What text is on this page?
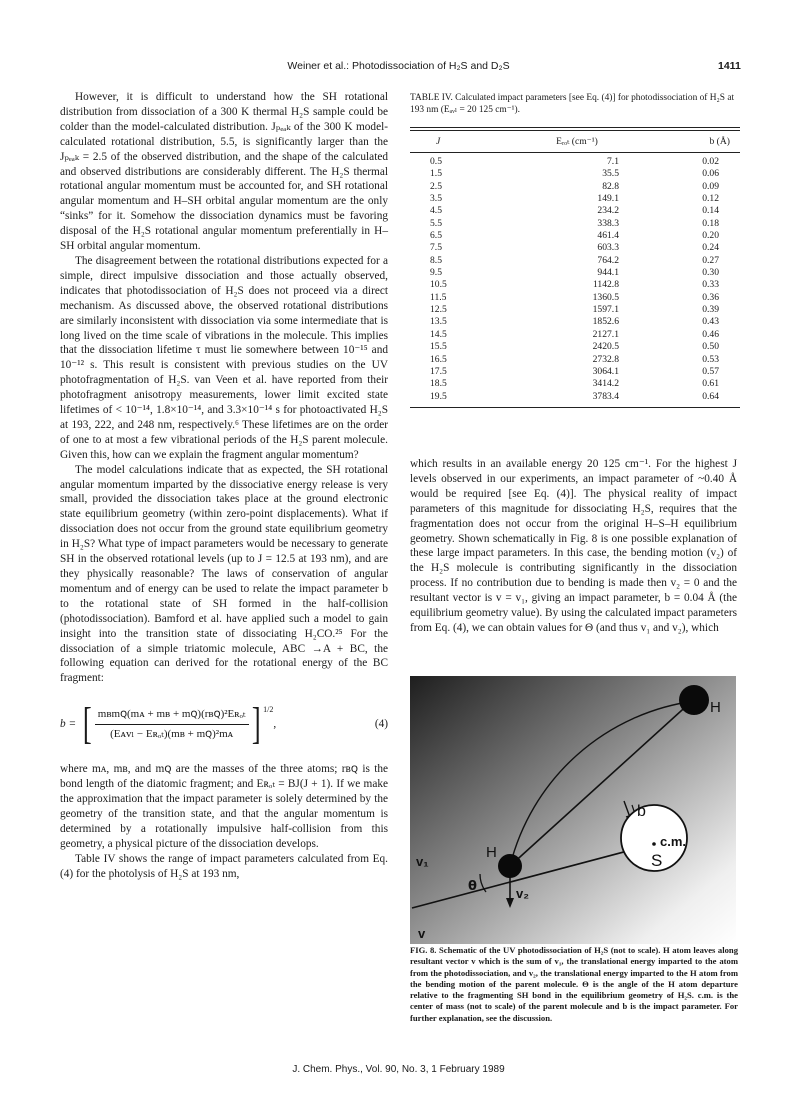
Weiner et al.: Photodissociation of H₂S and D₂S	1411

However, it is difficult to understand how the SH rotational distribution from dissociation of a 300 K thermal H₂S sample could be colder than the model-calculated distribution. Jₚₑₐₖ of the 300 K model-calculated rotational distribution, 5.5, is significantly larger than the Jₚₑₐₖ = 2.5 of the observed distribution, and the shape of the calculated and observed distributions are considerably different. The H₂S thermal rotational angular momentum must be accounted for, and SH rotational angular momentum and H–SH orbital angular momentum are the only “sinks” for it. Somehow the dissociation dynamics must be favoring disposal of the H₂S rotational angular momentum preferentially in H–SH orbital angular momentum.

The disagreement between the rotational distributions expected for a simple, direct impulsive dissociation and those actually observed, indicates that photodissociation of H₂S does not proceed via a direct mechanism. As discussed above, the observed rotational distributions are similarly inconsistent with dissociation via some intermediate that is long lived on the time scale of vibrations in the molecule. This implies that the dissociation lifetime τ must lie somewhere between 10⁻¹⁵ and 10⁻¹² s. This result is consistent with previous studies on the UV photofragmentation of H₂S. van Veen et al. have reported from their photofragment anisotropy measurements, lower limit excited state lifetimes of < 10⁻¹⁴, 1.8×10⁻¹⁴, and 3.3×10⁻¹⁴ s for photoactivated H₂S at 193, 222, and 248 nm, respectively.⁶ These lifetimes are on the order of one to at most a few vibrational periods of the H₂S parent molecule. Given this, how can we explain the fragment angular momentum?

The model calculations indicate that as expected, the SH rotational angular momentum imparted by the dissociative energy release is very small, provided the dissociation takes place at the ground electronic state equilibrium geometry (within zero-point displacements). What if dissociation does not occur from the ground state equilibrium geometry in H₂S? What type of impact parameters would be necessary to generate SH in the observed rotational levels (up to J = 12.5 at 193 nm), and are they physically reasonable? The laws of conservation of angular momentum and of energy can be used to relate the impact parameter b to the rotational state of SH formed in the half-collision (photodissociation). Bamford et al. have applied such a model to gain insight into the transition state of dissociating H₂CO.²⁵ For the dissociation of a simple triatomic molecule, ABC →A + BC, the following equation can derived for the rotational energy of the BC fragment:

b = [ $\frac{\text{mʙmꞯ(mᴀ + mʙ + mꞯ)(rʙꞯ)²Eʀₒₜ}}{\text{(Eᴀᴠₗ − Eʀₒₜ)(mʙ + mꞯ)²mᴀ}}$ ] 1/2
,	(4)

where mᴀ, mʙ, and mꞯ are the masses of the three atoms; rʙꞯ is the bond length of the diatomic fragment; and Eʀₒₜ = BJ(J + 1). If we make the approximation that the impact parameter is solely determined by the geometry of the transition state, and that the angular momentum is determined by a rotationally impulsive half-collision from this geometry, a physical picture of the dissociation develops.

Table IV shows the range of impact parameters calculated from Eq. (4) for the photolysis of H₂S at 193 nm,

TABLE IV. Calculated impact parameters [see Eq. (4)] for photodissociation of H₂S at 193 nm (Eₐᵥₗ = 20 125 cm⁻¹).
J	Eᵣₒₜ (cm⁻¹)	b (Å)
0.5	7.1	0.02
1.5	35.5	0.06
2.5	82.8	0.09
3.5	149.1	0.12
4.5	234.2	0.14
5.5	338.3	0.18
6.5	461.4	0.20
7.5	603.3	0.24
8.5	764.2	0.27
9.5	944.1	0.30
10.5	1142.8	0.33
11.5	1360.5	0.36
12.5	1597.1	0.39
13.5	1852.6	0.43
14.5	2127.1	0.46
15.5	2420.5	0.50
16.5	2732.8	0.53
17.5	3064.1	0.57
18.5	3414.2	0.61
19.5	3783.4	0.64

which results in an available energy 20 125 cm⁻¹. For the highest J levels observed in our experiments, an impact parameter of ~0.40 Å would be required [see Eq. (4)]. The physical reality of impact parameters of this magnitude for dissociating H₂S, requires that the fragmentation does not occur from the original H–S–H equilibrium geometry. Shown schematically in Fig. 8 is one possible explanation of these large impact parameters. In this case, the bending motion (v₂) of the H₂S molecule is contributing significantly in the dissociation process. If no contribution due to bending is made then v₂ = 0 and the resultant vector is v = v₁, giving an impact parameter, b = 0.04 Å (the equilibrium geometry value). By using the calculated impact parameters from Eq. (4), we can obtain values for Θ (and thus v₁ and v₂), which

H
H
b
c.m.
S
θ
v₁
v₂
v
FIG. 8. Schematic of the UV photodissociation of H₂S (not to scale). H atom leaves along resultant vector v which is the sum of v₁, the translational energy imparted to the atom from the photodissociation, and v₂, the translational energy imparted to the H atom from the bending motion of the parent molecule. Θ is the angle of the H atom departure relative to the fragmenting SH bond in the equilibrium geometry of H₂S. c.m. is the center of mass (not to scale) of the parent molecule and b is the impact parameter. For further explanation, see the discussion.
J. Chem. Phys., Vol. 90, No. 3, 1 February 1989
